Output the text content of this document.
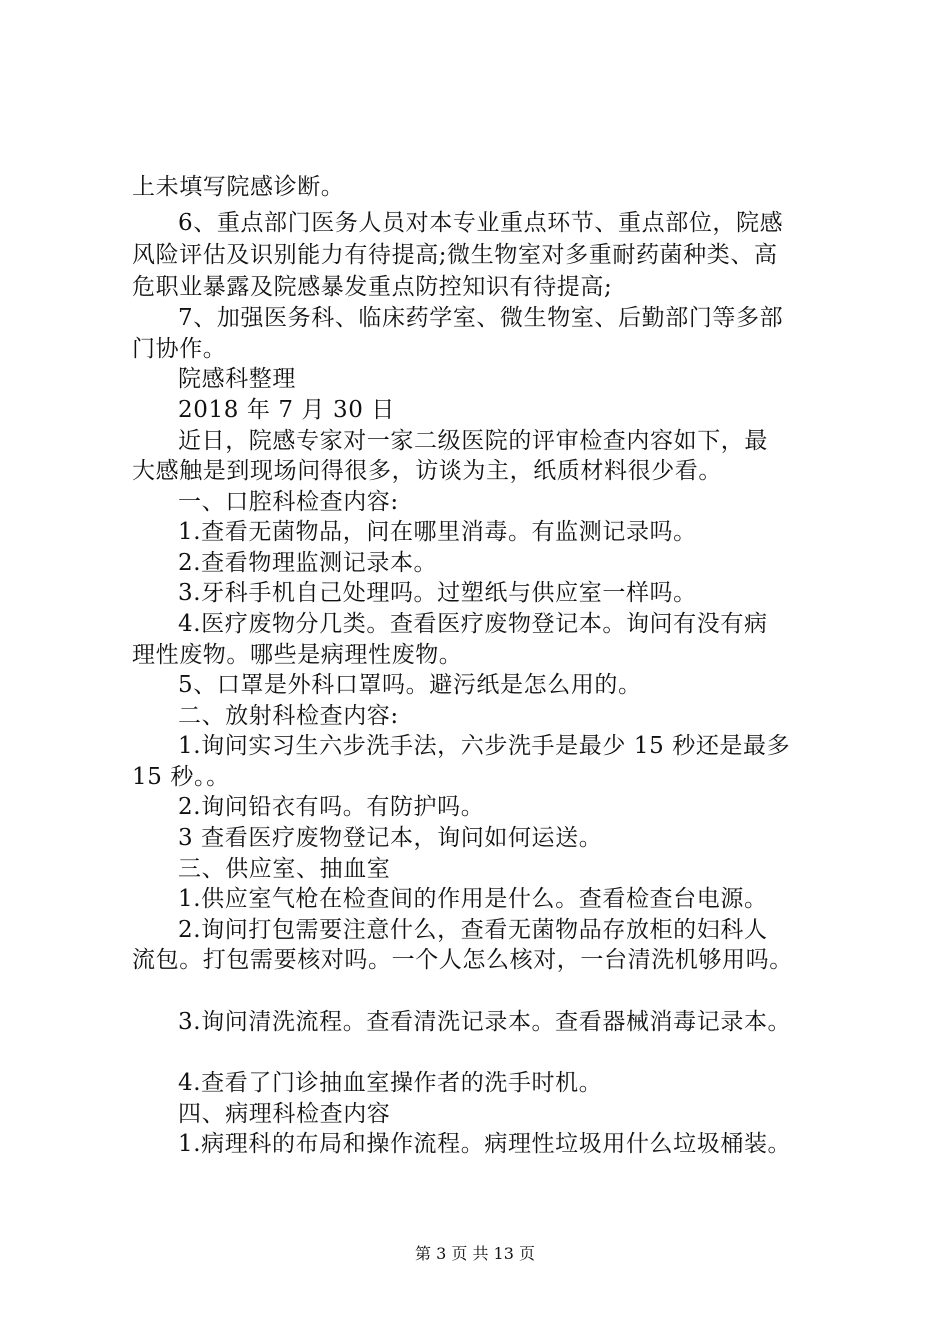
上未填写院感诊断。
6、重点部门医务人员对本专业重点环节、重点部位，院感
风险评估及识别能力有待提高;微生物室对多重耐药菌种类、高
危职业暴露及院感暴发重点防控知识有待提高;
7、加强医务科、临床药学室、微生物室、后勤部门等多部
门协作。
院感科整理
2018 年 7 月 30 日
近日，院感专家对一家二级医院的评审检查内容如下，最
大感触是到现场问得很多，访谈为主，纸质材料很少看。
一、口腔科检查内容:
1.查看无菌物品，问在哪里消毒。有监测记录吗。
2.查看物理监测记录本。
3.牙科手机自己处理吗。过塑纸与供应室一样吗。
4.医疗废物分几类。查看医疗废物登记本。询问有没有病
理性废物。哪些是病理性废物。
5、口罩是外科口罩吗。避污纸是怎么用的。
二、放射科检查内容:
1.询问实习生六步洗手法，六步洗手是最少 15 秒还是最多
15 秒。。
2.询问铅衣有吗。有防护吗。
3 查看医疗废物登记本，询问如何运送。
三、供应室、抽血室
1.供应室气枪在检查间的作用是什么。查看检查台电源。
2.询问打包需要注意什么，查看无菌物品存放柜的妇科人
流包。打包需要核对吗。一个人怎么核对，一台清洗机够用吗。
3.询问清洗流程。查看清洗记录本。查看器械消毒记录本。
4.查看了门诊抽血室操作者的洗手时机。
四、病理科检查内容
1.病理科的布局和操作流程。病理性垃圾用什么垃圾桶装。
第 3 页 共 13 页
